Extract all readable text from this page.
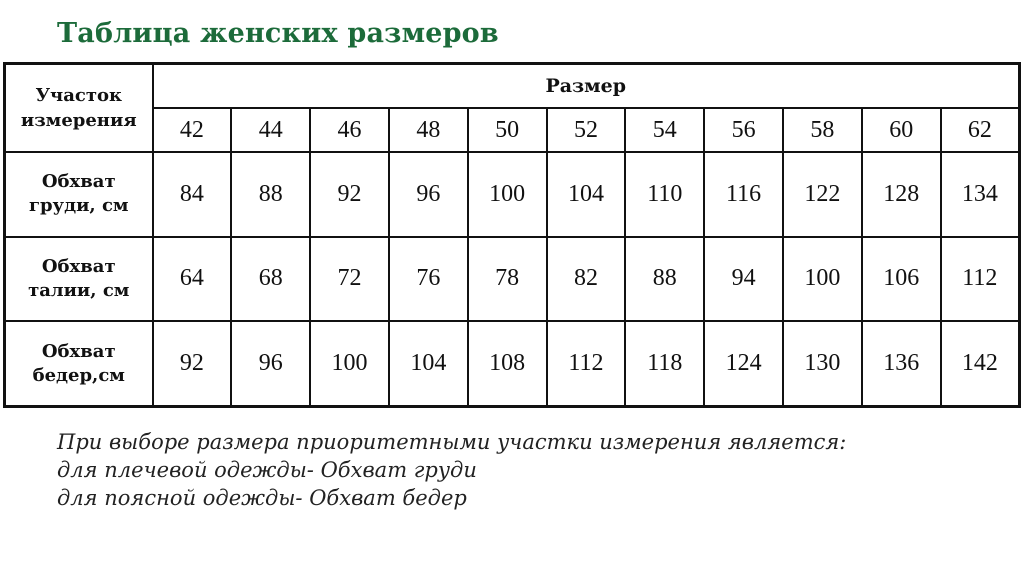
Таблица женских размеров
Участок
измерения	Размер										
	42	44	46	48	50	52	54	56	58	60	62
Обхват
груди, см	84	88	92	96	100	104	110	116	122	128	134
Обхват
талии, см	64	68	72	76	78	82	88	94	100	106	112
Обхват
бедер,см	92	96	100	104	108	112	118	124	130	136	142
При выборе размера приоритетными участки измерения является:
для плечевой одежды- Обхват груди
для поясной одежды- Обхват бедер
